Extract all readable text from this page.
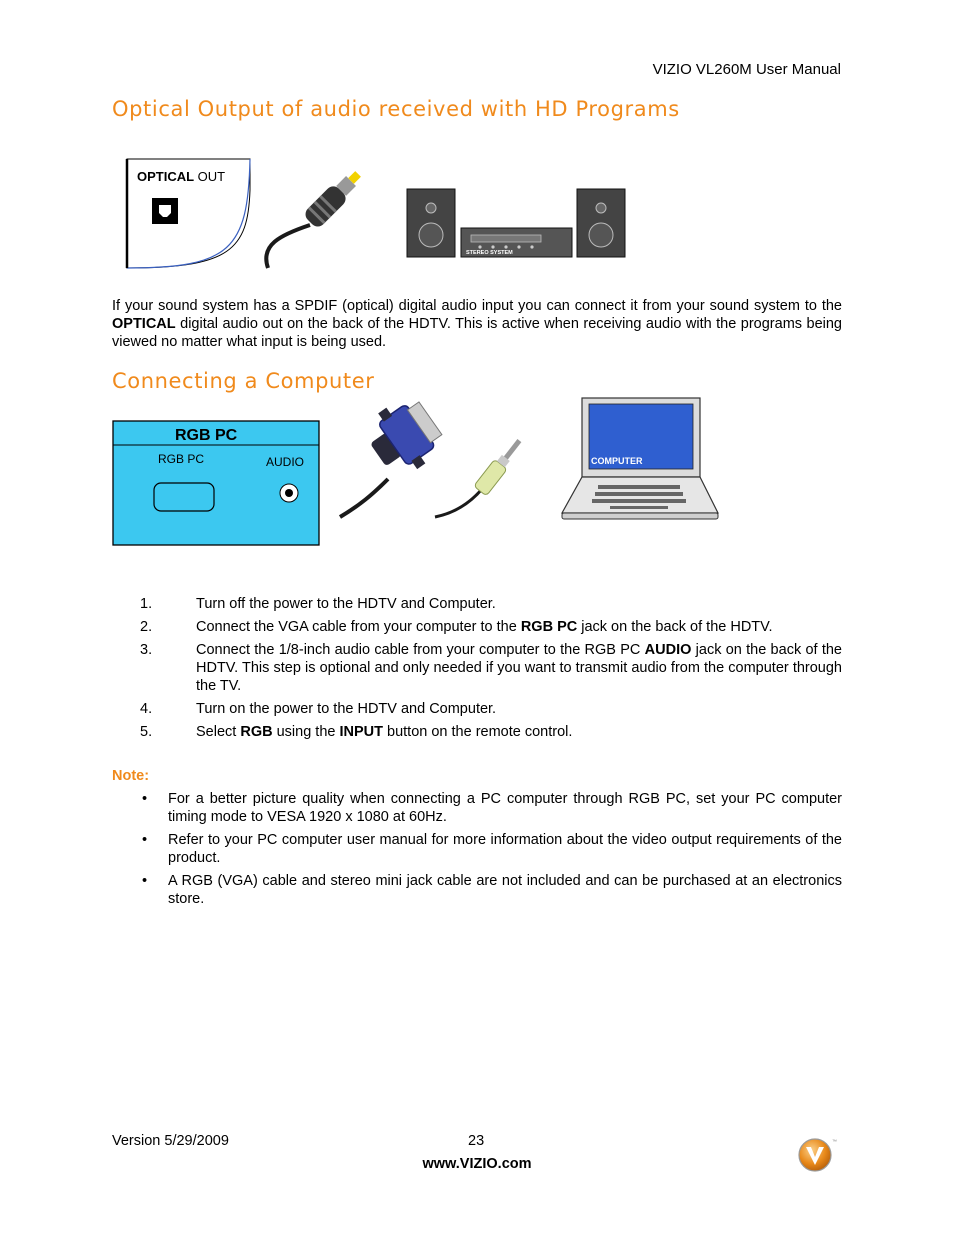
VIZIO VL260M User Manual
Optical Output of audio received with HD Programs
OPTICAL OUT
STEREO SYSTEM
If your sound system has a SPDIF (optical) digital audio input you can connect it from your sound system to the OPTICAL digital audio out on the back of the HDTV. This is active when receiving audio with the programs being viewed no matter what input is being used.
Connecting a Computer
RGB PC
RGB PC	AUDIO	COMPUTER
1.	Turn off the power to the HDTV and Computer.
2.	Connect the VGA cable from your computer to the RGB PC jack on the back of the HDTV.
3.	Connect the 1/8-inch audio cable from your computer to the RGB PC AUDIO jack on the back of the HDTV. This step is optional and only needed if you want to transmit audio from the computer through the TV.
4.	Turn on the power to the HDTV and Computer.
5.	Select RGB using the INPUT button on the remote control.
Note:
•	For a better picture quality when connecting a PC computer through RGB PC, set your PC computer timing mode to VESA 1920 x 1080 at 60Hz.
•	Refer to your PC computer user manual for more information about the video output requirements of the product.
•	A RGB (VGA) cable and stereo mini jack cable are not included and can be purchased at an electronics store.
Version 5/29/2009	23
www.VIZIO.com
™
